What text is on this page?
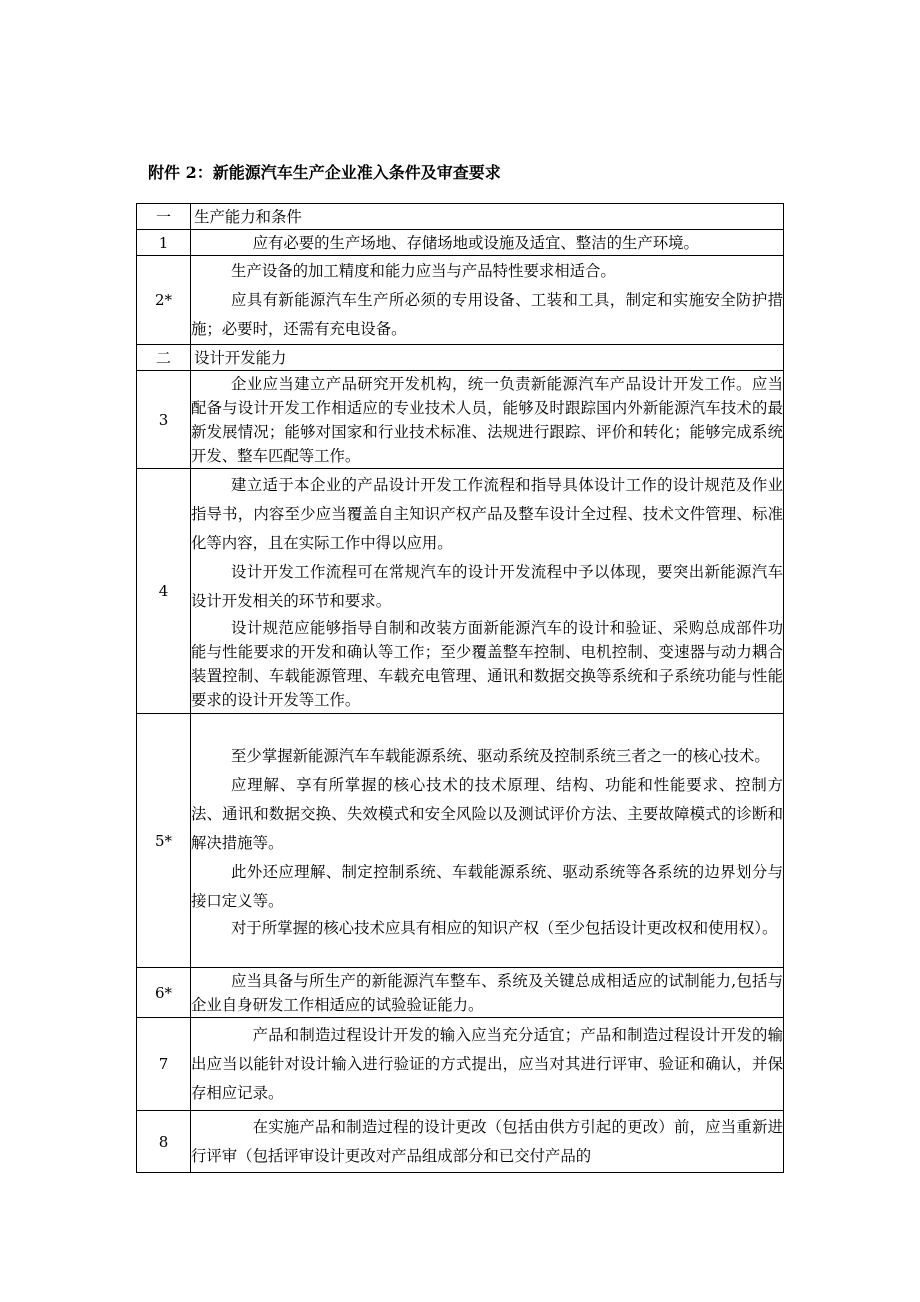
附件 2：新能源汽车生产企业准入条件及审查要求
一	生产能力和条件
1	应有必要的生产场地、存储场地或设施及适宜、整洁的生产环境。

2*	生产设备的加工精度和能力应当与产品特性要求相适合。

应具有新能源汽车生产所必须的专用设备、工装和工具，制定和实施安全防护措施；必要时，还需有充电设备。

二	设计开发能力
3	企业应当建立产品研究开发机构，统一负责新能源汽车产品设计开发工作。应当配备与设计开发工作相适应的专业技术人员，能够及时跟踪国内外新能源汽车技术的最新发展情况；能够对国家和行业技术标准、法规进行跟踪、评价和转化；能够完成系统开发、整车匹配等工作。

4	建立适于本企业的产品设计开发工作流程和指导具体设计工作的设计规范及作业指导书，内容至少应当覆盖自主知识产权产品及整车设计全过程、技术文件管理、标准化等内容，且在实际工作中得以应用。

设计开发工作流程可在常规汽车的设计开发流程中予以体现，要突出新能源汽车设计开发相关的环节和要求。

设计规范应能够指导自制和改装方面新能源汽车的设计和验证、采购总成部件功能与性能要求的开发和确认等工作；至少覆盖整车控制、电机控制、变速器与动力耦合装置控制、车载能源管理、车载充电管理、通讯和数据交换等系统和子系统功能与性能要求的设计开发等工作。

5*	至少掌握新能源汽车车载能源系统、驱动系统及控制系统三者之一的核心技术。

应理解、享有所掌握的核心技术的技术原理、结构、功能和性能要求、控制方法、通讯和数据交换、失效模式和安全风险以及测试评价方法、主要故障模式的诊断和解决措施等。

此外还应理解、制定控制系统、车载能源系统、驱动系统等各系统的边界划分与接口定义等。

对于所掌握的核心技术应具有相应的知识产权（至少包括设计更改权和使用权）。

6*	应当具备与所生产的新能源汽车整车、系统及关键总成相适应的试制能力,包括与企业自身研发工作相适应的试验验证能力。

7	产品和制造过程设计开发的输入应当充分适宜；产品和制造过程设计开发的输出应当以能针对设计输入进行验证的方式提出，应当对其进行评审、验证和确认，并保存相应记录。

8	在实施产品和制造过程的设计更改（包括由供方引起的更改）前，应当重新进行评审（包括评审设计更改对产品组成部分和已交付产品的
